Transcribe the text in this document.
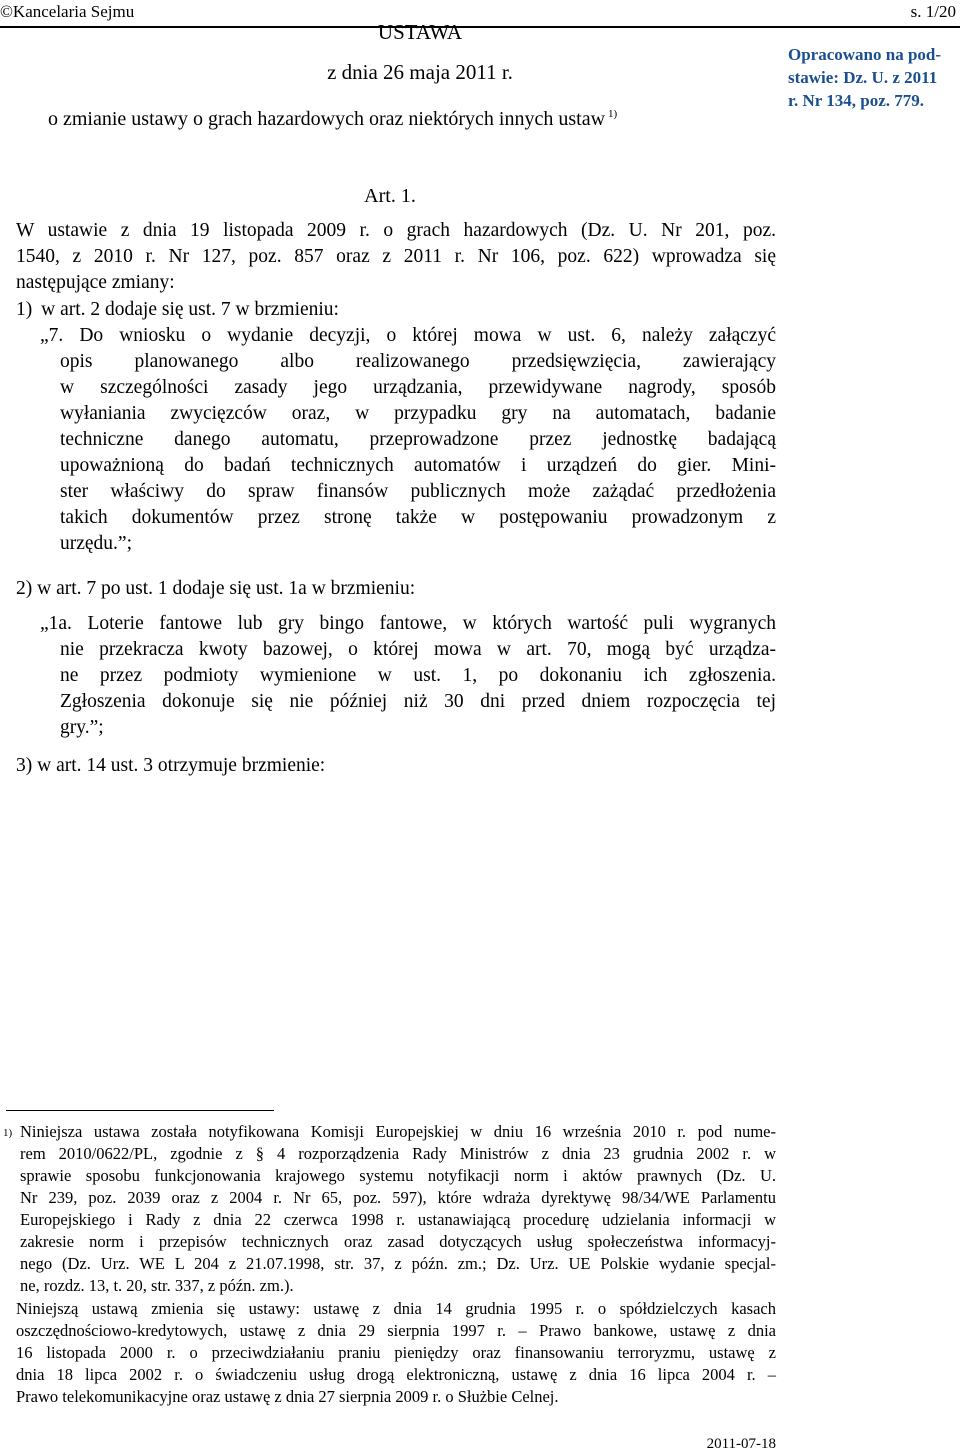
©Kancelaria Sejmu	s. 1/20
USTAWA
z dnia 26 maja 2011 r.
Opracowano na pod-
stawie: Dz. U. z 2011
r. Nr 134, poz. 779.
o zmianie ustawy o grach hazardowych oraz niektórych innych ustaw $^{1)}$
Art. 1.
W ustawie z dnia 19 listopada 2009 r. o grach hazardowych (Dz. U. Nr 201, poz.
1540, z 2010 r. Nr 127, poz. 857 oraz z 2011 r. Nr 106, poz. 622) wprowadza się
następujące zmiany:
1) w art. 2 dodaje się ust. 7 w brzmieniu:
„7. Do wniosku o wydanie decyzji, o której mowa w ust. 6, należy załączyć
opis planowanego albo realizowanego przedsięwzięcia, zawierający
w szczególności zasady jego urządzania, przewidywane nagrody, sposób
wyłaniania zwycięzców oraz, w przypadku gry na automatach, badanie
techniczne danego automatu, przeprowadzone przez jednostkę badającą
upoważnioną do badań technicznych automatów i urządzeń do gier. Mini-
ster właściwy do spraw finansów publicznych może zażądać przedłożenia
takich dokumentów przez stronę także w postępowaniu prowadzonym z
urzędu.”;
2) w art. 7 po ust. 1 dodaje się ust. 1a w brzmieniu:
„1a. Loterie fantowe lub gry bingo fantowe, w których wartość puli wygranych
nie przekracza kwoty bazowej, o której mowa w art. 70, mogą być urządza-
ne przez podmioty wymienione w ust. 1, po dokonaniu ich zgłoszenia.
Zgłoszenia dokonuje się nie później niż 30 dni przed dniem rozpoczęcia tej
gry.”;
3) w art. 14 ust. 3 otrzymuje brzmienie:
1) Niniejsza ustawa została notyfikowana Komisji Europejskiej w dniu 16 września 2010 r. pod nume-
rem 2010/0622/PL, zgodnie z § 4 rozporządzenia Rady Ministrów z dnia 23 grudnia 2002 r. w
sprawie sposobu funkcjonowania krajowego systemu notyfikacji norm i aktów prawnych (Dz. U.
Nr 239, poz. 2039 oraz z 2004 r. Nr 65, poz. 597), które wdraża dyrektywę 98/34/WE Parlamentu
Europejskiego i Rady z dnia 22 czerwca 1998 r. ustanawiającą procedurę udzielania informacji w
zakresie norm i przepisów technicznych oraz zasad dotyczących usług społeczeństwa informacyj-
nego (Dz. Urz. WE L 204 z 21.07.1998, str. 37, z późn. zm.; Dz. Urz. UE Polskie wydanie specjal-
ne, rozdz. 13, t. 20, str. 337, z późn. zm.).
Niniejszą ustawą zmienia się ustawy: ustawę z dnia 14 grudnia 1995 r. o spółdzielczych kasach
oszczędnościowo-kredytowych, ustawę z dnia 29 sierpnia 1997 r. – Prawo bankowe, ustawę z dnia
16 listopada 2000 r. o przeciwdziałaniu praniu pieniędzy oraz finansowaniu terroryzmu, ustawę z
dnia 18 lipca 2002 r. o świadczeniu usług drogą elektroniczną, ustawę z dnia 16 lipca 2004 r. –
Prawo telekomunikacyjne oraz ustawę z dnia 27 sierpnia 2009 r. o Służbie Celnej.
2011-07-18
